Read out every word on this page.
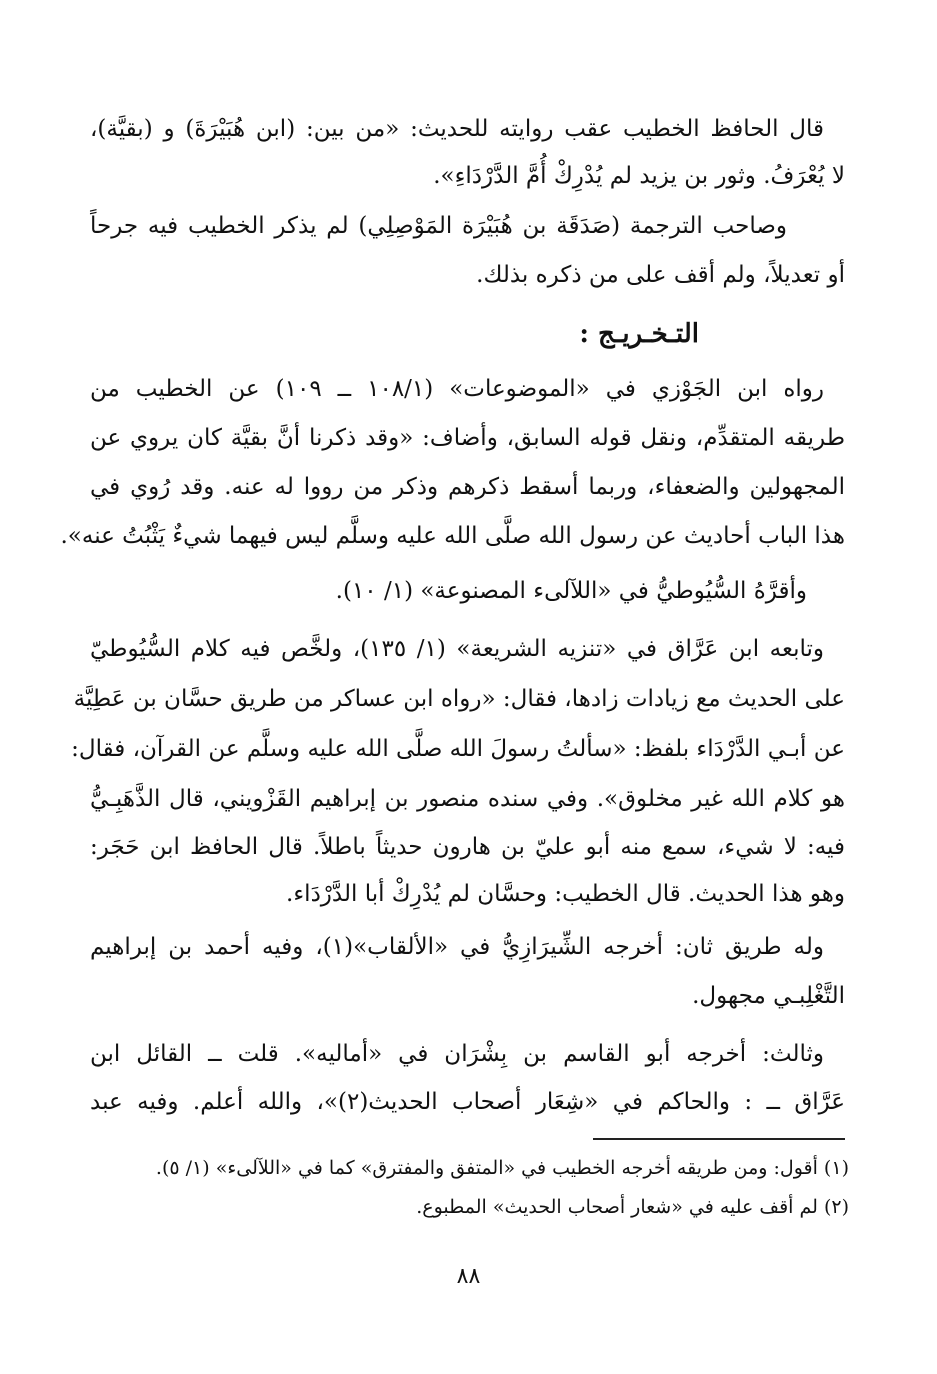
قال الحافظ الخطيب عقب روايته للحديث: «من بين: (ابن هُبَيْرَةَ) و (بقيَّة)،
لا يُعْرَفُ. وثور بن يزيد لم يُدْرِكْ أُمَّ الدَّرْدَاءِ».
وصاحب الترجمة (صَدَقَة بن هُبَيْرَة المَوْصِلِي) لم يذكر الخطيب فيه جرحاً
أو تعديلاً، ولم أقف على من ذكره بذلك.
التـخـريـج :
رواه ابن الجَوْزي في «الموضوعات» (١٠٨/١ ــ ١٠٩) عن الخطيب من
طريقه المتقدِّم، ونقل قوله السابق، وأضاف: «وقد ذكرنا أنَّ بقيَّة كان يروي عن
المجهولين والضعفاء، وربما أسقط ذكرهم وذكر من رووا له عنه. وقد رُوي في
هذا الباب أحاديث عن رسول الله صلَّى الله عليه وسلَّم ليس فيهما شيءٌ يَثْبُتُ عنه».
وأقرَّهُ السُّيُوطيُّ في «اللآلىء المصنوعة» (١/ ١٠).
وتابعه ابن عَرَّاق في «تنزيه الشريعة» (١/ ١٣٥)، ولخَّص فيه كلام السُّيُوطيّ
على الحديث مع زيادات زادها، فقال: «رواه ابن عساكر من طريق حسَّان بن عَطِيَّة
عن أبـي الدَّرْدَاء بلفظ: «سألتُ رسولَ الله صلَّى الله عليه وسلَّم عن القرآن، فقال:
هو كلام الله غير مخلوق». وفي سنده منصور بن إبراهيم القَزْويني، قال الذَّهَبِـيُّ
فيه: لا شيء، سمع منه أبو عليّ بن هارون حديثاً باطلاً. قال الحافظ ابن حَجَر:
وهو هذا الحديث. قال الخطيب: وحسَّان لم يُدْرِكْ أبا الدَّرْدَاء.
وله طريق ثان: أخرجه الشِّيرَازِيُّ في «الألقاب»(١)، وفيه أحمد بن إبراهيم
التَّغْلِبـي مجهول.
وثالث: أخرجه أبو القاسم بن بِشْرَان في «أماليه». قلت ــ القائل ابن
عَرَّاق ــ : والحاكم في «شِعَار أصحاب الحديث(٢)»، والله أعلم. وفيه عبد
(١) أقول: ومن طريقه أخرجه الخطيب في «المتفق والمفترق» كما في «اللآلىء» (١/ ٥).
(٢) لم أقف عليه في «شعار أصحاب الحديث» المطبوع.
٨٨
